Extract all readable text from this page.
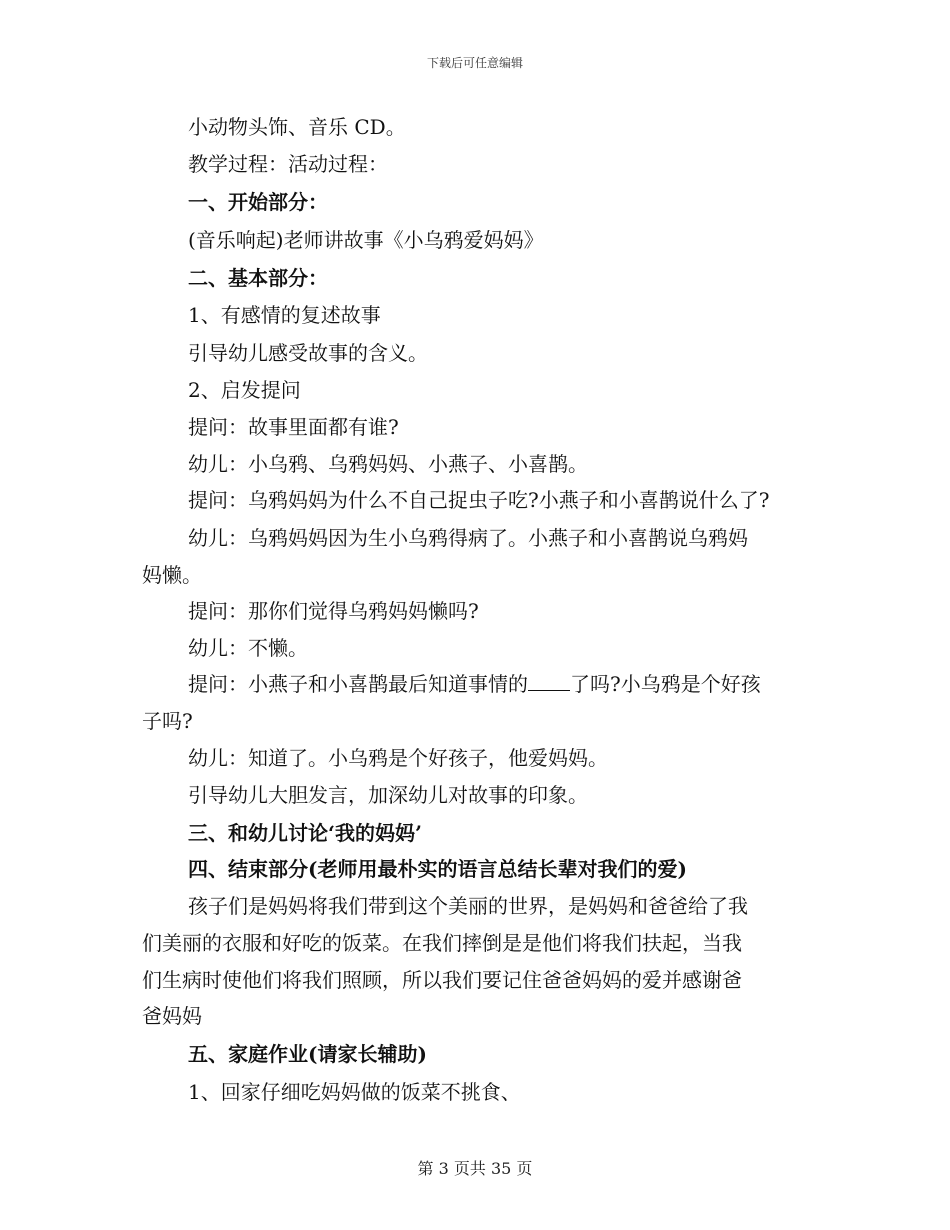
下载后可任意编辑
小动物头饰、音乐 CD。
教学过程：活动过程：
一、开始部分：
(音乐响起)老师讲故事《小乌鸦爱妈妈》
二、基本部分：
1、有感情的复述故事
引导幼儿感受故事的含义。
2、启发提问
提问：故事里面都有谁?
幼儿：小乌鸦、乌鸦妈妈、小燕子、小喜鹊。
提问：乌鸦妈妈为什么不自己捉虫子吃?小燕子和小喜鹊说什么了?
幼儿：乌鸦妈妈因为生小乌鸦得病了。小燕子和小喜鹊说乌鸦妈
妈懒。
提问：那你们觉得乌鸦妈妈懒吗?
幼儿：不懒。
提问：小燕子和小喜鹊最后知道事情的 了吗?小乌鸦是个好孩
子吗?
幼儿：知道了。小乌鸦是个好孩子，他爱妈妈。
引导幼儿大胆发言，加深幼儿对故事的印象。
三、和幼儿讨论‘我的妈妈’
四、结束部分(老师用最朴实的语言总结长辈对我们的爱)
孩子们是妈妈将我们带到这个美丽的世界，是妈妈和爸爸给了我
们美丽的衣服和好吃的饭菜。在我们摔倒是是他们将我们扶起，当我
们生病时使他们将我们照顾，所以我们要记住爸爸妈妈的爱并感谢爸
爸妈妈
五、家庭作业(请家长辅助)
1、回家仔细吃妈妈做的饭菜不挑食、
第 3 页共 35 页
